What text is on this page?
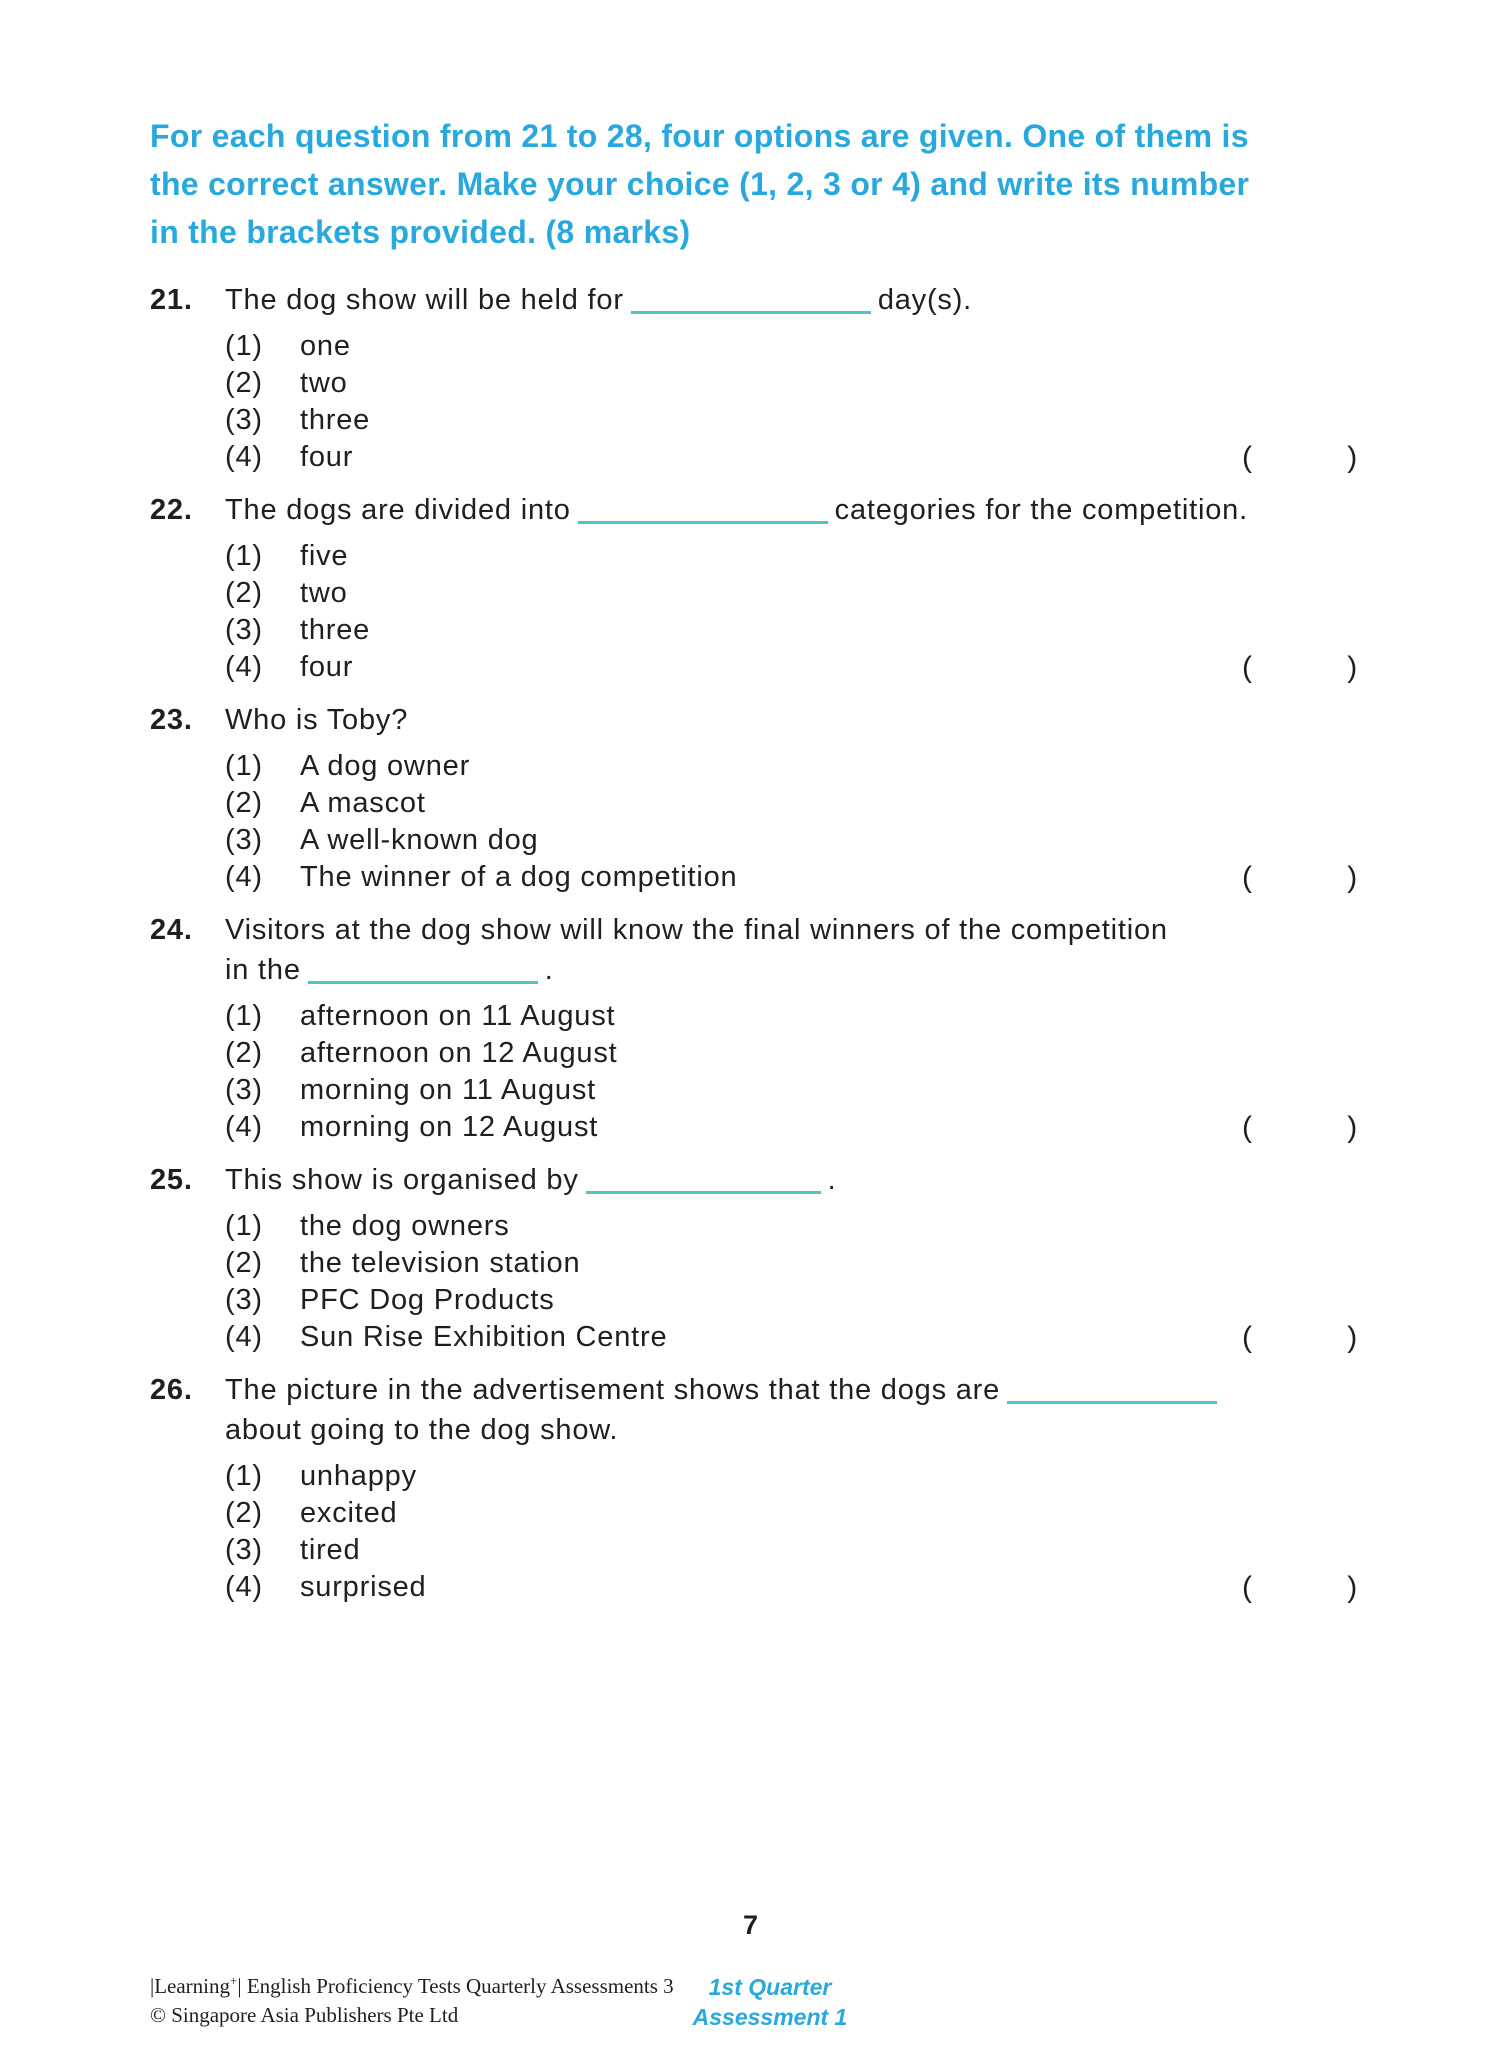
For each question from 21 to 28, four options are given. One of them is
the correct answer. Make your choice (1, 2, 3 or 4) and write its number
in the brackets provided. (8 marks)
21.	The dog show will be held for	day(s).
(1)	one
(2)	two
(3)	three
(4)	four	(	)
22.	The dogs are divided into	categories for the competition.
(1)	five
(2)	two
(3)	three
(4)	four	(	)
23.	Who is Toby?
(1)	A dog owner
(2)	A mascot
(3)	A well-known dog
(4)	The winner of a dog competition	(	)
24.	Visitors at the dog show will know the final winners of the competition
in the	.
(1)	afternoon on 11 August
(2)	afternoon on 12 August
(3)	morning on 11 August
(4)	morning on 12 August	(	)
25.	This show is organised by	.
(1)	the dog owners
(2)	the television station
(3)	PFC Dog Products
(4)	Sun Rise Exhibition Centre	(	)
26.	The picture in the advertisement shows that the dogs are
about going to the dog show.
(1)	unhappy
(2)	excited
(3)	tired
(4)	surprised	(	)
7
|Learning+| English Proficiency Tests Quarterly Assessments 3
© Singapore Asia Publishers Pte Ltd
1st Quarter
Assessment 1
